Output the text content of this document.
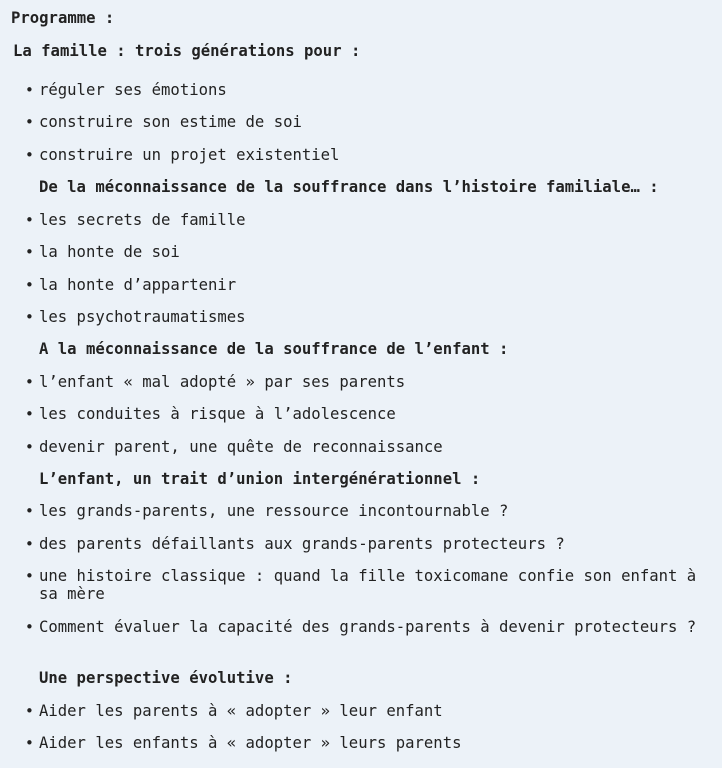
Programme :
La famille : trois générations pour :
• réguler ses émotions
• construire son estime de soi
• construire un projet existentiel
De la méconnaissance de la souffrance dans l’histoire familiale… :
• les secrets de famille
• la honte de soi
• la honte d’appartenir
• les psychotraumatismes
A la méconnaissance de la souffrance de l’enfant :
• l’enfant « mal adopté » par ses parents
• les conduites à risque à l’adolescence
• devenir parent, une quête de reconnaissance
L’enfant, un trait d’union intergénérationnel :
• les grands-parents, une ressource incontournable ?
• des parents défaillants aux grands-parents protecteurs ?
• une histoire classique : quand la fille toxicomane confie son enfant à sa mère
• Comment évaluer la capacité des grands-parents à devenir protecteurs ?
Une perspective évolutive :
• Aider les parents à « adopter » leur enfant
• Aider les enfants à « adopter » leurs parents
